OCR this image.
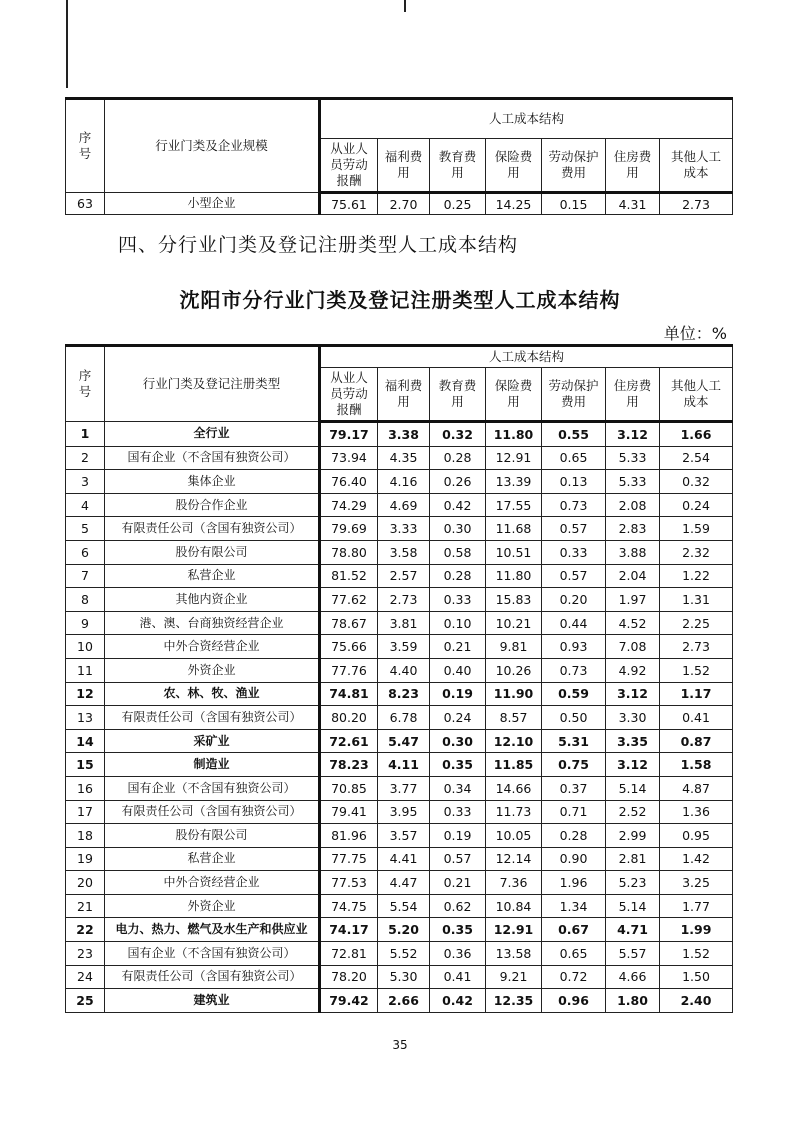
序号	行业门类及企业规模	人工成本结构						
		从业人员劳动报酬	福利费用	教育费用	保险费用	劳动保护费用	住房费用	其他人工成本
63	小型企业	75.61	2.70	0.25	14.25	0.15	4.31	2.73
四、分行业门类及登记注册类型人工成本结构
沈阳市分行业门类及登记注册类型人工成本结构
单位：%
序号	行业门类及登记注册类型	人工成本结构						
		从业人员劳动报酬	福利费用	教育费用	保险费用	劳动保护费用	住房费用	其他人工成本
1	全行业	79.17	3.38	0.32	11.80	0.55	3.12	1.66
2	国有企业（不含国有独资公司）	73.94	4.35	0.28	12.91	0.65	5.33	2.54
3	集体企业	76.40	4.16	0.26	13.39	0.13	5.33	0.32
4	股份合作企业	74.29	4.69	0.42	17.55	0.73	2.08	0.24
5	有限责任公司（含国有独资公司）	79.69	3.33	0.30	11.68	0.57	2.83	1.59
6	股份有限公司	78.80	3.58	0.58	10.51	0.33	3.88	2.32
7	私营企业	81.52	2.57	0.28	11.80	0.57	2.04	1.22
8	其他内资企业	77.62	2.73	0.33	15.83	0.20	1.97	1.31
9	港、澳、台商独资经营企业	78.67	3.81	0.10	10.21	0.44	4.52	2.25
10	中外合资经营企业	75.66	3.59	0.21	9.81	0.93	7.08	2.73
11	外资企业	77.76	4.40	0.40	10.26	0.73	4.92	1.52
12	农、林、牧、渔业	74.81	8.23	0.19	11.90	0.59	3.12	1.17
13	有限责任公司（含国有独资公司）	80.20	6.78	0.24	8.57	0.50	3.30	0.41
14	采矿业	72.61	5.47	0.30	12.10	5.31	3.35	0.87
15	制造业	78.23	4.11	0.35	11.85	0.75	3.12	1.58
16	国有企业（不含国有独资公司）	70.85	3.77	0.34	14.66	0.37	5.14	4.87
17	有限责任公司（含国有独资公司）	79.41	3.95	0.33	11.73	0.71	2.52	1.36
18	股份有限公司	81.96	3.57	0.19	10.05	0.28	2.99	0.95
19	私营企业	77.75	4.41	0.57	12.14	0.90	2.81	1.42
20	中外合资经营企业	77.53	4.47	0.21	7.36	1.96	5.23	3.25
21	外资企业	74.75	5.54	0.62	10.84	1.34	5.14	1.77
22	电力、热力、燃气及水生产和供应业	74.17	5.20	0.35	12.91	0.67	4.71	1.99
23	国有企业（不含国有独资公司）	72.81	5.52	0.36	13.58	0.65	5.57	1.52
24	有限责任公司（含国有独资公司）	78.20	5.30	0.41	9.21	0.72	4.66	1.50
25	建筑业	79.42	2.66	0.42	12.35	0.96	1.80	2.40
35
